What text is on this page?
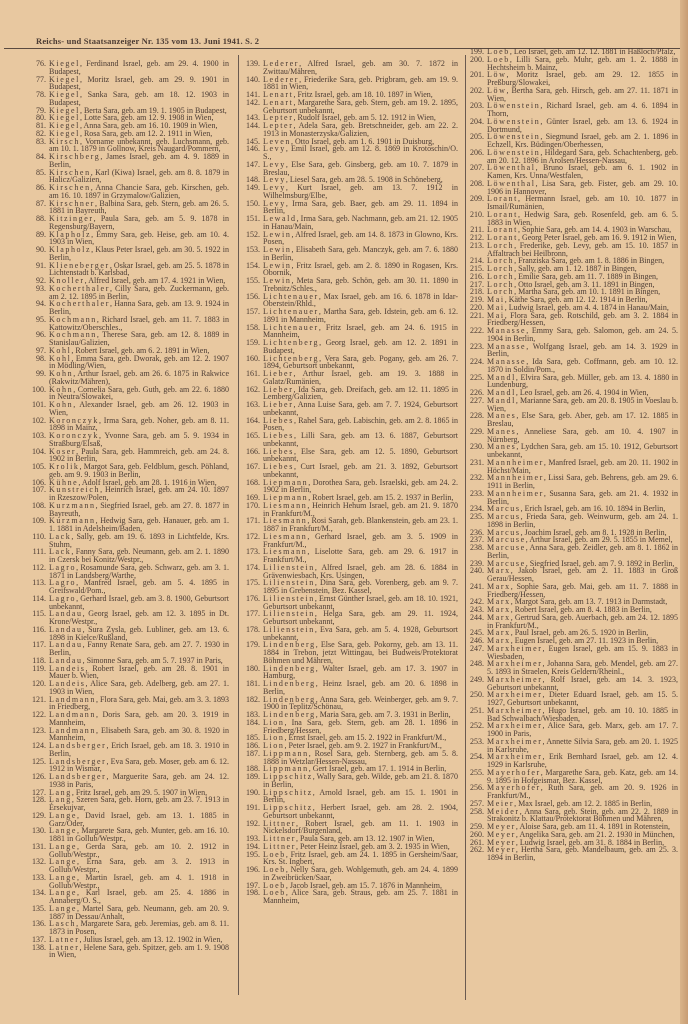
Reichs- und Staatsanzeiger Nr. 135 vom 13. Juni 1941. S. 2

76. Kiegel, Ferdinand Israel, geb. am 29. 4. 1900 in Budapest,

77. Kiegel, Moritz Israel, geb. am 29. 9. 1901 in Budapest,

78. Kiegel, Sanka Sara, geb. am 18. 12. 1903 in Budapest,

79. Kiegel, Berta Sara, geb. am 19. 1. 1905 in Budapest,

80. Kiegel, Lotte Sara, geb. am 12. 9. 1908 in Wien,

81. Kiegel, Anna Sara, geb. am 16. 10. 1909 in Wien,

82. Kiegel, Rosa Sara, geb. am 12. 2. 1911 in Wien,

83. Kirsch, Vorname unbekannt, geb. Luchsmann, geb. am 10. 1. 1879 in Gollnow, Kreis Naugard/Pommern,

84. Kirschberg, James Israel, geb. am 4. 9. 1889 in Berlin,

85. Kirschen, Karl (Kiwa) Israel, geb. am 8. 8. 1879 in Halicz/Galizien,

86. Kirschen, Anna Chancie Sara, geb. Kirschen, geb. am 16. 10. 1897 in Grzymalow/Galizien,

87. Kirschner, Balbina Sara, geb. Stern, geb. am 26. 5. 1881 in Bayreuth,

88. Kitzinger, Paula Sara, geb. am 5. 9. 1878 in Regensburg/Bayern,

89. Klapholz, Emmy Sara, geb. Heise, geb. am 10. 4. 1903 in Wien,

90. Klapholz, Klaus Peter Israel, geb. am 30. 5. 1922 in Berlin,

91. Klieneberger, Oskar Israel, geb. am 25. 5. 1878 in Lichtenstadt b. Karlsbad,

92. Knoller, Alfred Israel, geb. am 17. 4. 1921 in Wien,

93. Kocherthaler, Cilly Sara, geb. Zuckermann, geb. am 2. 12. 1895 in Berlin,

94. Kocherthaler, Hanna Sara, geb. am 13. 9. 1924 in Berlin,

95. Kochmann, Richard Israel, geb. am 11. 7. 1883 in Kattowitz/Oberschles.,

96. Kochmann, Therese Sara, geb. am 12. 8. 1889 in Stanislau/Galizien,

97. Kohl, Robert Israel, geb. am 6. 2. 1891 in Wien,

98. Kohl, Emma Sara, geb. Dworak, geb. am 12. 2. 1907 in Mödling/Wien,

99. Kohn, Arthur Israel, geb. am 26. 6. 1875 in Rakwice (Rakwitz/Mähren),

100. Kohn, Cornelia Sara, geb. Guth, geb. am 22. 6. 1880 in Neutra/Slowakei,

101. Kohn, Alexander Israel, geb. am 26. 12. 1903 in Wien,

102. Koronczyk, Irma Sara, geb. Noher, geb. am 8. 11. 1898 in Mainz,

103. Koronczyk, Yvonne Sara, geb. am 5. 9. 1934 in Straßburg/Elsaß,

104. Koser, Paula Sara, geb. Hammreich, geb. am 24. 8. 1902 in Berlin,

105. Krolik, Margot Sara, geb. Feldblum, gesch. Pöhland, geb. am 9. 9. 1903 in Berlin,

106. Kühne, Adolf Israel, geb. am 28. 1. 1916 in Wien,

107. Kunstreich, Heinrich Israel, geb. am 24. 10. 1897 in Rzeszow/Polen,

108. Kurzmann, Siegfried Israel, geb. am 27. 8. 1877 in Bayreuth,

109. Kurzmann, Hedwig Sara, geb. Hanauer, geb. am 1. 1. 1881 in Adelsheim/Baden,

110. Lack, Sally, geb. am 19. 6. 1893 in Lichtfelde, Krs. Stuhm,

111. Lack, Fanny Sara, geb. Neumann, geb. am 2. 1. 1890 in Czersk bei Konitz/Westpr.,

112. Lagro, Rosamunde Sara, geb. Schwarz, geb. am 3. 1. 1871 in Landsberg/Warthe,

113. Lagro, Manfred Israel, geb. am 5. 4. 1895 in Greifswald/Pom.,

114. Lagro, Gerhard Israel, geb. am 3. 8. 1900, Geburtsort unbekannt,

115. Landau, Georg Israel, geb. am 12. 3. 1895 in Dt. Krone/Westpr.,

116. Landau, Sura Zysla, geb. Lubliner, geb. am 13. 6. 1898 in Kielce/Rußland,

117. Landau, Fanny Renate Sara, geb. am 27. 7. 1930 in Berlin,

118. Landau, Simonne Sara, geb. am 5. 7. 1937 in Paris,

119. Landeis, Robert Israel, geb. am 28. 8. 1901 in Mauer b. Wien,

120. Landeis, Alice Sara, geb. Adelberg, geb. am 27. 1. 1903 in Wien,

121. Landmann, Flora Sara, geb. Mai, geb. am 3. 3. 1893 in Friedberg,

122. Landmann, Doris Sara, geb. am 20. 3. 1919 in Mannheim,

123. Landmann, Elisabeth Sara, geb. am 30. 8. 1920 in Mannheim,

124. Landsberger, Erich Israel, geb. am 18. 3. 1910 in Berlin,

125. Landsberger, Eva Sara, geb. Moser, geb. am 6. 12. 1912 in Wismar,

126. Landsberger, Marguerite Sara, geb. am 24. 12. 1938 in Paris,

127. Lang, Fritz Israel, geb. am 29. 5. 1907 in Wien,

128. Lang, Szeren Sara, geb. Horn, geb. am 23. 7. 1913 in Érsekujvar,

129. Lange, David Israel, geb. am 13. 1. 1885 in Garz/Oder,

130. Lange, Margarete Sara, geb. Munter, geb. am 16. 10. 1881 in Gollub/Westpr.,

131. Lange, Gerda Sara, geb. am 10. 2. 1912 in Gollub/Westpr.,

132. Lange, Erna Sara, geb. am 3. 2. 1913 in Gollub/Westpr.,

133. Lange, Martin Israel, geb. am 4. 1. 1918 in Gollub/Westpr.,

134. Lange, Karl Israel, geb. am 25. 4. 1886 in Annaberg/O. S.,

135. Lange, Martel Sara, geb. Neumann, geb. am 20. 9. 1887 in Dessau/Anhalt,

136. Lasch, Margarete Sara, geb. Jeremias, geb. am 8. 11. 1873 in Posen,

137. Latner, Julius Israel, geb. am 13. 12. 1902 in Wien,

138. Latner, Helene Sara, geb. Spitzer, geb. am 1. 9. 1908 in Wien,

139. Lederer, Alfred Israel, geb. am 30. 7. 1872 in Zwittau/Mähren,

140. Lederer, Friederike Sara, geb. Prigbram, geb. am 19. 9. 1881 in Wien,

141. Lenart, Fritz Israel, geb. am 18. 10. 1897 in Wien,

142. Lenart, Margarethe Sara, geb. Stern, geb. am 19. 2. 1895, Geburtsort unbekannt,

143. Lepter, Rudolf Israel, geb. am 5. 12. 1912 in Wien,

144. Lepter, Adela Sara, geb. Bretschneider, geb. am 22. 2. 1913 in Monasterzyska/Galizien,

145. Leven, Otto Israel, geb. am 1. 6. 1901 in Duisburg,

146. Levy, Emil Israel, geb. am 12. 8. 1869 in Krotoschin/O. S.,

147. Levy, Else Sara, geb. Ginsberg, geb. am 10. 7. 1879 in Breslau,

148. Levy, Liesel Sara, geb. am 28. 5. 1908 in Schöneberg,

149. Levy, Kurt Israel, geb. am 13. 7. 1912 in Wilhelmsburg/Elbe,

150. Levy, Irma Sara, geb. Baer, geb. am 29. 11. 1894 in Berlin,

151. Lewald, Irma Sara, geb. Nachmann, geb. am 21. 12. 1905 in Hanau/Main,

152. Lewin, Alfred Israel, geb. am 14. 8. 1873 in Glowno, Krs. Posen,

153. Lewin, Elisabeth Sara, geb. Manczyk, geb. am 7. 6. 1880 in Berlin,

154. Lewin, Fritz Israel, geb. am 2. 8. 1890 in Rogasen, Krs. Obornik,

155. Lewin, Meta Sara, geb. Schön, geb. am 30. 11. 1890 in Trebnitz/Schles.,

156. Lichtenauer, Max Israel, geb. am 16. 6. 1878 in Idar-Oberstein/Rhld.,

157. Lichtenauer, Martha Sara, geb. Idstein, geb. am 6. 12. 1891 in Mannheim,

158. Lichtenauer, Fritz Israel, geb. am 24. 6. 1915 in Mannheim,

159. Lichtenberg, Georg Israel, geb. am 12. 2. 1891 in Budapest,

160. Lichtenberg, Vera Sara, geb. Pogany, geb. am 26. 7. 1894, Geburtsort unbekannt,

161. Lieber, Arthur Israel, geb. am 19. 3. 1888 in Galatz/Rumänien,

162. Lieber, Ida Sara, geb. Dreifach, geb. am 12. 11. 1895 in Lemberg/Galizien,

163. Lieber, Anna Luise Sara, geb. am 7. 7. 1924, Geburtsort unbekannt,

164. Liebes, Rahel Sara, geb. Labischin, geb. am 2. 8. 1865 in Posen,

165. Liebes, Lilli Sara, geb. am 13. 6. 1887, Geburtsort unbekannt,

166. Liebes, Else Sara, geb. am 12. 5. 1890, Geburtsort unbekannt,

167. Liebes, Curt Israel, geb. am 21. 3. 1892, Geburtsort unbekannt,

168. Liepmann, Dorothea Sara, geb. Israelski, geb. am 24. 2. 1902 in Berlin,

169. Liepmann, Robert Israel, geb. am 15. 2. 1937 in Berlin,

170. Liesmann, Heinrich Hehum Israel, geb. am 21. 9. 1870 in Frankfurt/M.,

171. Liesmann, Rosi Sarah, geb. Blankenstein, geb. am 23. 1. 1887 in Frankfurt/M.,

172. Liesmann, Gerhard Israel, geb. am 3. 5. 1909 in Frankfurt/M.,

173. Liesmann, Liselotte Sara, geb. am 29. 6. 1917 in Frankfurt/M.,

174. Lilienstein, Alfred Israel, geb. am 28. 6. 1884 in Grävenwiesbach, Krs. Usingen,

175. Lilienstein, Dina Sara, geb. Vorenberg, geb. am 9. 7. 1895 in Grebenstein, Bez. Kassel,

176. Lilienstein, Ernst Günther Israel, geb. am 18. 10. 1921, Geburtsort unbekannt,

177. Lilienstein, Helga Sara, geb. am 29. 11. 1924, Geburtsort unbekannt,

178. Lilienstein, Eva Sara, geb. am 5. 4. 1928, Geburtsort unbekannt,

179. Lindenberg, Else Sara, geb. Pokorny, geb. am 13. 11. 1884 in Trebon, jetzt Wittingau, bei Budweis/Protektorat Böhmen und Mähren,

180. Lindenberg, Walter Israel, geb. am 17. 3. 1907 in Hamburg,

181. Lindenberg, Heinz Israel, geb. am 20. 6. 1898 in Berlin,

182. Lindenberg, Anna Sara, geb. Weinberger, geb. am 9. 7. 1900 in Teplitz/Schönau,

183. Lindenberg, Maria Sara, geb. am 7. 3. 1931 in Berlin,

184. Lion, Ina Sara, geb. Stern, geb. am 28. 1. 1896 in Friedberg/Hessen,

185. Lion, Ernst Israel, geb. am 15. 2. 1922 in Frankfurt/M.,

186. Lion, Peter Israel, geb. am 9. 2. 1927 in Frankfurt/M.,

187. Lippmann, Rosel Sara, geb. Sternberg, geb. am 5. 8. 1888 in Wetzlar/Hessen-Nassau,

188. Lippmann, Gert Israel, geb. am 17. 1. 1914 in Berlin,

189. Lippschitz, Wally Sara, geb. Wilde, geb. am 21. 8. 1870 in Berlin,

190. Lippschitz, Arnold Israel, geb. am 15. 1. 1901 in Berlin,

191. Lippschitz, Herbert Israel, geb. am 28. 2. 1904, Geburtsort unbekannt,

192. Littner, Robert Israel, geb. am 11. 1. 1903 in Nickelsdorf/Burgenland,

193. Littner, Paula Sara, geb. am 13. 12. 1907 in Wien,

194. Littner, Peter Heinz Israel, geb. am 3. 2. 1935 in Wien,

195. Loeb, Fritz Israel, geb. am 24. 1. 1895 in Gersheim/Saar, Krs. St. Ingbert,

196. Loeb, Nelly Sara, geb. Wohlgemuth, geb. am 24. 4. 1899 in Zweibrücken/Saar,

197. Loeb, Jacob Israel, geb. am 15. 7. 1876 in Mannheim,

198. Loeb, Alice Sara, geb. Straus, geb. am 25. 7. 1881 in Mannheim,

199. Loeb, Leo Israel, geb. am 12. 12. 1881 in Haßloch/Pfalz,

200. Loeb, Lilli Sara, geb. Muhr, geb. am 1. 2. 1888 in Hechtsheim b. Mainz,

201. Löw, Moritz Israel, geb. am 29. 12. 1855 in Preßburg/Slowakei,

202. Löw, Bertha Sara, geb. Hirsch, geb. am 27. 11. 1871 in Wien,

203. Löwenstein, Richard Israel, geb. am 4. 6. 1894 in Thorn,

204. Löwenstein, Günter Israel, geb. am 13. 6. 1924 in Dortmund,

205. Löwenstein, Siegmund Israel, geb. am 2. 1. 1896 in Echzell, Krs. Büdingen/Oberhessen,

206. Löwenstein, Hildegard Sara, geb. Schachtenberg, geb. am 20. 12. 1896 in Arolsen/Hessen-Nassau,

207. Löwenthal, Bruno Israel, geb. am 6. 1. 1902 in Kamen, Krs. Unna/Westfalen,

208. Löwenthal, Lisa Sara, geb. Fister, geb. am 29. 10. 1906 in Hannover,

209. Lorant, Hermann Israel, geb. am 10. 10. 1877 in Ismail/Rumänien,

210. Lorant, Hedwig Sara, geb. Rosenfeld, geb. am 6. 5. 1883 in Wien,

211. Lorant, Sophie Sara, geb. am 14. 4. 1903 in Warschau,

212. Lorant, Georg Peter Israel, geb. am 16. 9. 1912 in Wien,

213. Lorch, Frederike, geb. Levy, geb. am 15. 10. 1857 in Affaltrach bei Heilbronn,

214. Lorch, Franziska Sara, geb. am 1. 8. 1886 in Bingen,

215. Lorch, Sally, geb. am 1. 12. 1887 in Bingen,

216. Lorch, Emilie Sara, geb. am 11. 7. 1889 in Bingen,

217. Lorch, Otto Israel, geb. am 3. 11. 1891 in Bingen,

218. Lorch, Martha Sara, geb. am 10. 1. 1891 in Bingen,

219. Mai, Käthe Sara, geb. am 12. 12. 1914 in Berlin,

220. Mai, Ludwig Israel, geb. am 4. 4. 1874 in Hanau/Main,

221. Mai, Flora Sara, geb. Rotschild, geb. am 3. 2. 1884 in Friedberg/Hessen,

222. Manasse, Emmy Sara, geb. Salomon, geb. am 24. 5. 1904 in Berlin,

223. Manasse, Wolfgang Israel, geb. am 14. 3. 1929 in Berlin,

224. Manasse, Ida Sara, geb. Coffmann, geb. am 10. 12. 1870 in Soldin/Pom.,

225. Mandl, Elvira Sara, geb. Müller, geb. am 13. 4. 1880 in Lundenburg,

226. Mandl, Leo Israel, geb. am 26. 4. 1904 in Wien,

227. Mandl, Marianne Sara, geb. am 20. 8. 1905 in Voeslau b. Wien,

228. Manes, Else Sara, geb. Aber, geb. am 17. 12. 1885 in Breslau,

229. Manes, Anneliese Sara, geb. am 10. 4. 1907 in Nürnberg,

230. Manes, Lydchen Sara, geb. am 15. 10. 1912, Geburtsort unbekannt,

231. Mannheimer, Manfred Israel, geb. am 20. 11. 1902 in Höchst/Main,

232. Mannheimer, Lissi Sara, geb. Behrens, geb. am 29. 6. 1911 in Berlin,

233. Mannheimer, Susanna Sara, geb. am 21. 4. 1932 in Berlin,

234. Marcus, Erich Israel, geb. am 16. 10. 1894 in Berlin,

235. Marcus, Frieda Sara, geb. Weinwurm, geb. am 24. 1. 1898 in Berlin,

236. Marcus, Joachim Israel, geb. am 8. 1. 1928 in Berlin,

237. Marcuse, Arthur Israel, geb. am 29. 5. 1855 in Memel,

238. Marcuse, Anna Sara, geb. Zeidler, geb. am 8. 1. 1862 in Berlin,

239. Marcuse, Siegfried Israel, geb. am 7. 9. 1892 in Berlin,

240. Marx, Jakob Israel, geb. am 2. 11. 1883 in Groß Gerau/Hessen,

241. Marx, Sophie Sara, geb. Mai, geb. am 11. 7. 1888 in Friedberg/Hessen,

242. Marx, Margot Sara, geb. am 13. 7. 1913 in Darmstadt,

243. Marx, Robert Israel, geb. am 8. 4. 1883 in Berlin,

244. Marx, Gertrud Sara, geb. Auerbach, geb. am 24. 12. 1895 in Frankfurt/M.,

245. Marx, Paul Israel, geb. am 26. 5. 1920 in Berlin,

246. Marx, Eugen Israel, geb. am 27. 11. 1923 in Berlin,

247. Marxheimer, Eugen Israel, geb. am 15. 9. 1883 in Wiesbaden,

248. Marxheimer, Johanna Sara, geb. Mendel, geb. am 27. 5. 1893 in Straelen, Kreis Geldern/Rheinl.,

249. Marxheimer, Rolf Israel, geb. am 14. 3. 1923, Geburtsort unbekannt,

250. Marxheimer, Dieter Eduard Israel, geb. am 15. 5. 1927, Geburtsort unbekannt,

251. Marxheimer, Hugo Israel, geb. am 10. 10. 1885 in Bad Schwalbach/Wiesbaden,

252. Marxheimer, Alice Sara, geb. Marx, geb. am 17. 7. 1900 in Paris,

253. Marxheimer, Annette Silvia Sara, geb. am 20. 1. 1925 in Karlsruhe,

254. Marxheimer, Erik Bernhard Israel, geb. am 12. 4. 1929 in Karlsruhe,

255. Mayerhofer, Margarethe Sara, geb. Katz, geb. am 14. 9. 1895 in Hofgeismar, Bez. Kassel,

256. Mayerhofer, Ruth Sara, geb. am 20. 9. 1926 in Frankfurt/M.,

257. Meier, Max Israel, geb. am 12. 2. 1885 in Berlin,

258. Meider, Anna Sara, geb. Stein, geb. am 22. 2. 1889 in Strakonitz b. Klattau/Protektorat Böhmen und Mähren,

259. Meyer, Aloise Sara, geb. am 11. 4. 1891 in Rotenstein,

260. Meyer, Angelika Sara, geb. am 21. 2. 1930 in München,

261. Meyer, Ludwig Israel, geb. am 31. 8. 1884 in Berlin,

262. Meyer, Hertha Sara, geb. Mandelbaum, geb. am 25. 3. 1894 in Berlin,
